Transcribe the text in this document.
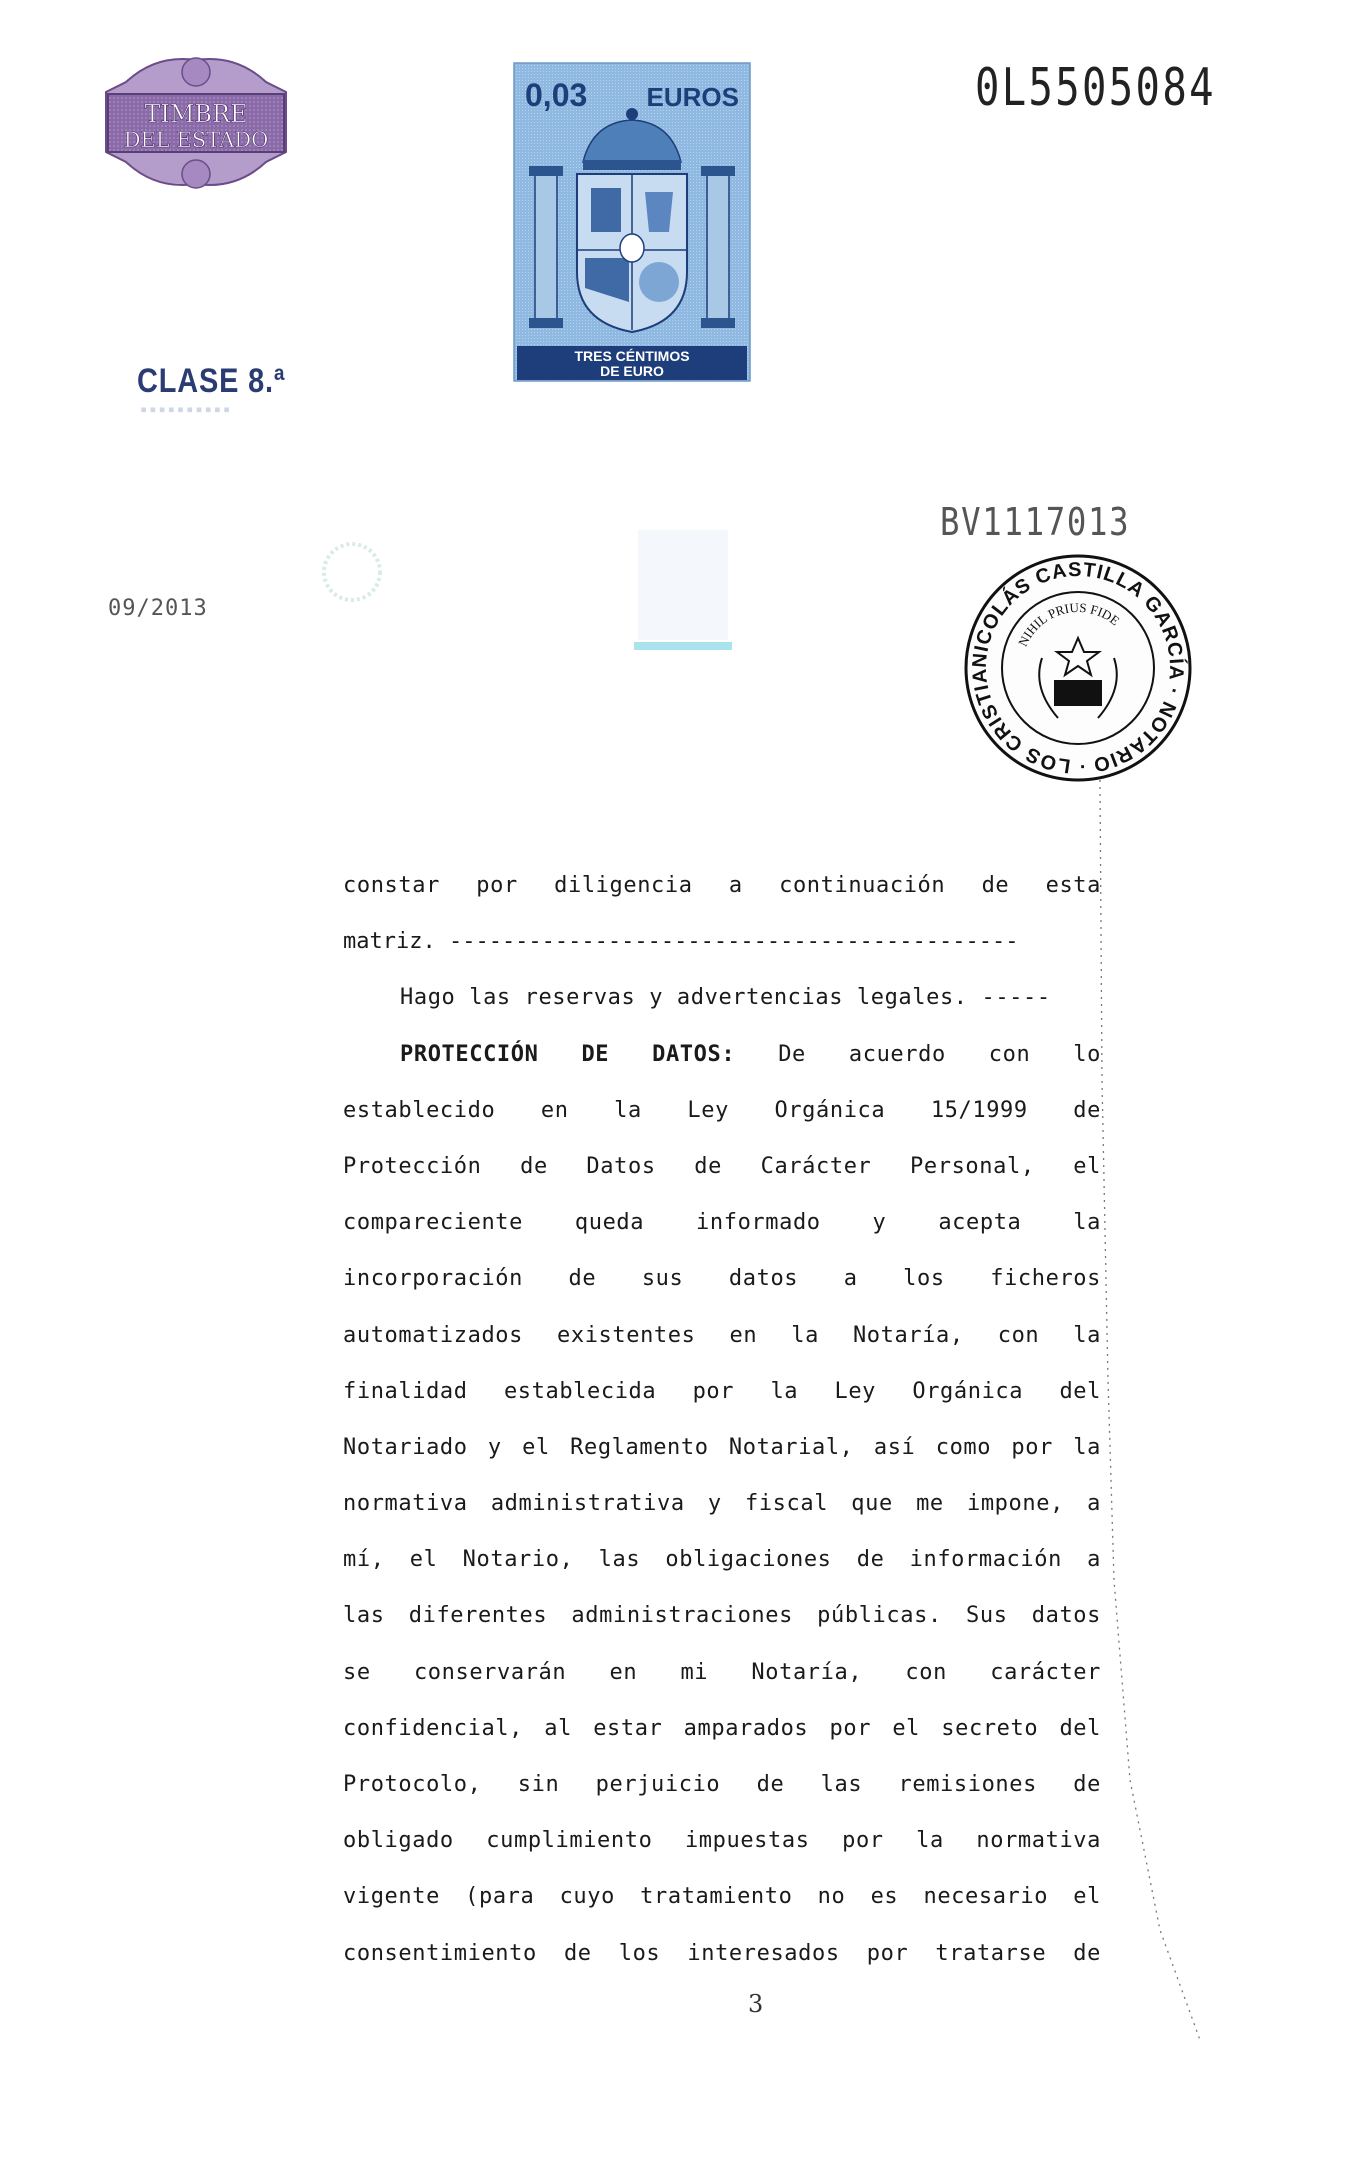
TIMBRE
DEL ESTADO
CLASE 8.ª
▪▪▪▪▪▪▪▪▪▪
09/2013
0,03 EUROS
TRES CÉNTIMOS
DE EURO
0L5505084
BV1117013
NICOLÁS CASTILLA GARCÍA · NOTARIO · LOS CRISTIA
NIHIL PRIUS FIDE
constar por diligencia a continuación de esta
matriz. -------------------------------------------
Hago las reservas y advertencias legales. -----
PROTECCIÓN DE DATOS: De acuerdo con lo
establecido en la Ley Orgánica 15/1999 de
Protección de Datos de Carácter Personal, el
compareciente queda informado y acepta la
incorporación de sus datos a los ficheros
automatizados existentes en la Notaría, con la
finalidad establecida por la Ley Orgánica del
Notariado y el Reglamento Notarial, así como por la
normativa administrativa y fiscal que me impone, a
mí, el Notario, las obligaciones de información a
las diferentes administraciones públicas. Sus datos
se conservarán en mi Notaría, con carácter
confidencial, al estar amparados por el secreto del
Protocolo, sin perjuicio de las remisiones de
obligado cumplimiento impuestas por la normativa
vigente (para cuyo tratamiento no es necesario el
consentimiento de los interesados por tratarse de
3
